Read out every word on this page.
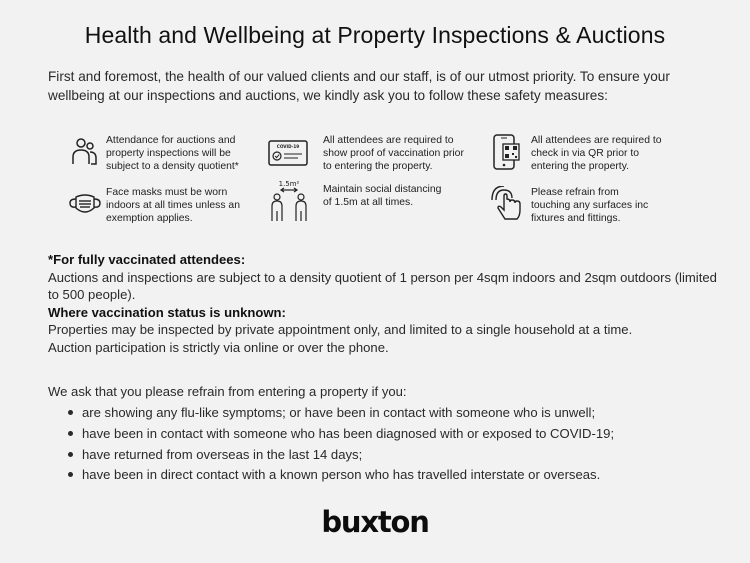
Health and Wellbeing at Property Inspections & Auctions
First and foremost, the health of our valued clients and our staff, is of our utmost priority. To ensure your wellbeing at our inspections and auctions, we kindly ask you to follow these safety measures:
Attendance for auctions and property inspections will be subject to a density quotient*
COVID-19
All attendees are required to show proof of vaccination prior to entering the property.
All attendees are required to check in via QR prior to entering the property.
Face masks must be worn indoors at all times unless an exemption applies.
1.5m² Maintain social distancing of 1.5m at all times.
Please refrain from touching any surfaces inc fixtures and fittings.
*For fully vaccinated attendees:
Auctions and inspections are subject to a density quotient of 1 person per 4sqm indoors and 2sqm outdoors (limited to 500 people).
Where vaccination status is unknown:
Properties may be inspected by private appointment only, and limited to a single household at a time.
Auction participation is strictly via online or over the phone.
We ask that you please refrain from entering a property if you:
are showing any flu-like symptoms; or have been in contact with someone who is unwell;
have been in contact with someone who has been diagnosed with or exposed to COVID-19;
have returned from overseas in the last 14 days;
have been in direct contact with a known person who has travelled interstate or overseas.
buxton
